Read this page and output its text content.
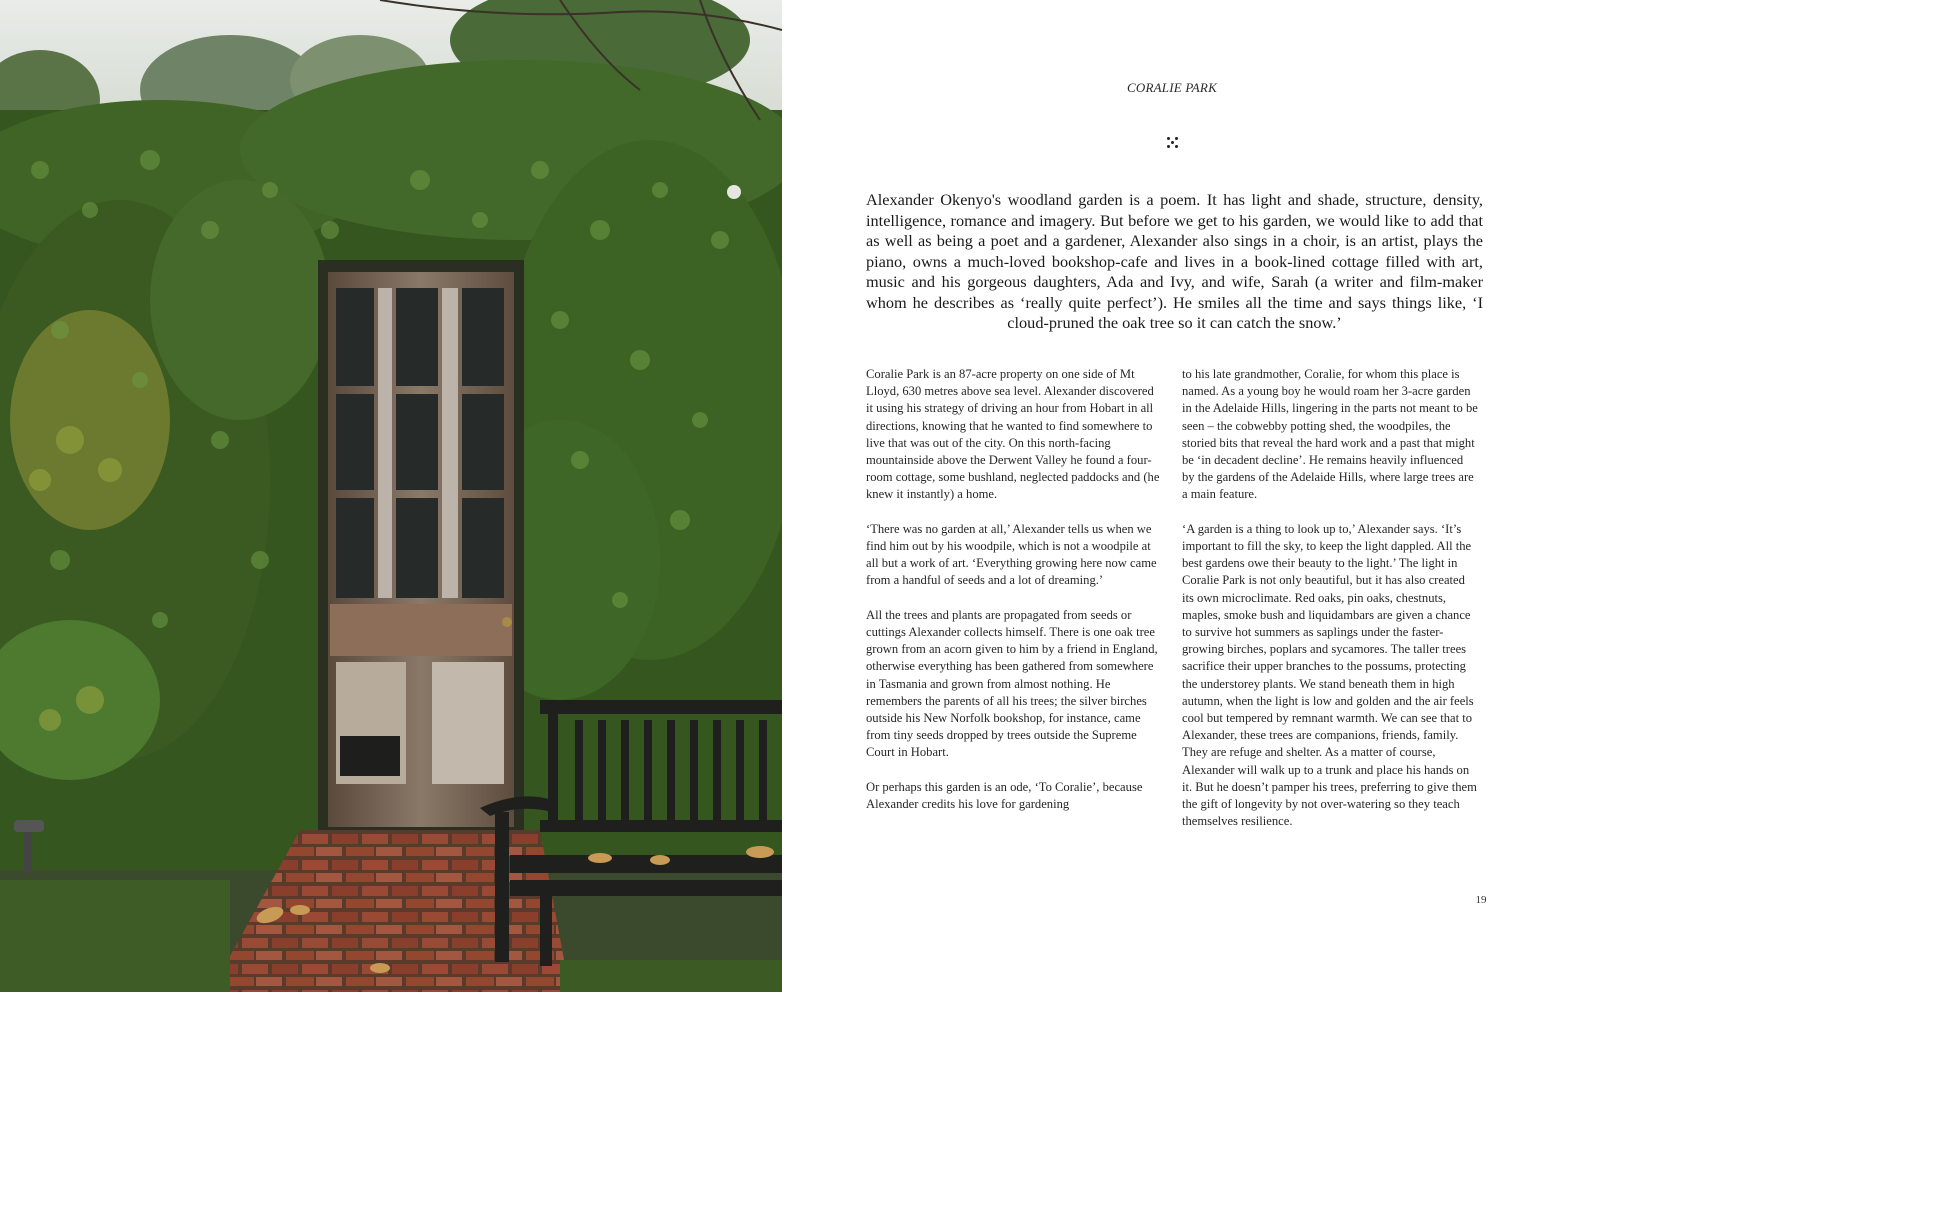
CORALIE PARK

Alexander Okenyo's woodland garden is a poem. It has light and shade, structure, density, intelligence, romance and imagery. But before we get to his garden, we would like to add that as well as being a poet and a gardener, Alexander also sings in a choir, is an artist, plays the piano, owns a much-loved bookshop-cafe and lives in a book-lined cottage filled with art, music and his gorgeous daughters, Ada and Ivy, and wife, Sarah (a writer and film-maker whom he describes as ‘really quite perfect’). He smiles all the time and says things like, ‘I cloud-pruned the oak tree so it can catch the snow.’

Coralie Park is an 87-acre property on one side of Mt Lloyd, 630 metres above sea level. Alexander discovered it using his strategy of driving an hour from Hobart in all directions, knowing that he wanted to find somewhere to live that was out of the city. On this north-facing mountainside above the Derwent Valley he found a four-room cottage, some bushland, neglected paddocks and (he knew it instantly) a home.

‘There was no garden at all,’ Alexander tells us when we find him out by his woodpile, which is not a woodpile at all but a work of art. ‘Everything growing here now came from a handful of seeds and a lot of dreaming.’

All the trees and plants are propagated from seeds or cuttings Alexander collects himself. There is one oak tree grown from an acorn given to him by a friend in England, otherwise everything has been gathered from somewhere in Tasmania and grown from almost nothing. He remembers the parents of all his trees; the silver birches outside his New Norfolk bookshop, for instance, came from tiny seeds dropped by trees outside the Supreme Court in Hobart.

Or perhaps this garden is an ode, ‘To Coralie’, because Alexander credits his love for gardening

to his late grandmother, Coralie, for whom this place is named. As a young boy he would roam her 3-acre garden in the Adelaide Hills, lingering in the parts not meant to be seen – the cobwebby potting shed, the woodpiles, the storied bits that reveal the hard work and a past that might be ‘in decadent decline’. He remains heavily influenced by the gardens of the Adelaide Hills, where large trees are a main feature.

‘A garden is a thing to look up to,’ Alexander says. ‘It’s important to fill the sky, to keep the light dappled. All the best gardens owe their beauty to the light.’ The light in Coralie Park is not only beautiful, but it has also created its own microclimate. Red oaks, pin oaks, chestnuts, maples, smoke bush and liquidambars are given a chance to survive hot summers as saplings under the faster-growing birches, poplars and sycamores. The taller trees sacrifice their upper branches to the possums, protecting the understorey plants. We stand beneath them in high autumn, when the light is low and golden and the air feels cool but tempered by remnant warmth. We can see that to Alexander, these trees are companions, friends, family. They are refuge and shelter. As a matter of course, Alexander will walk up to a trunk and place his hands on it. But he doesn’t pamper his trees, preferring to give them the gift of longevity by not over-watering so they teach themselves resilience.

19
